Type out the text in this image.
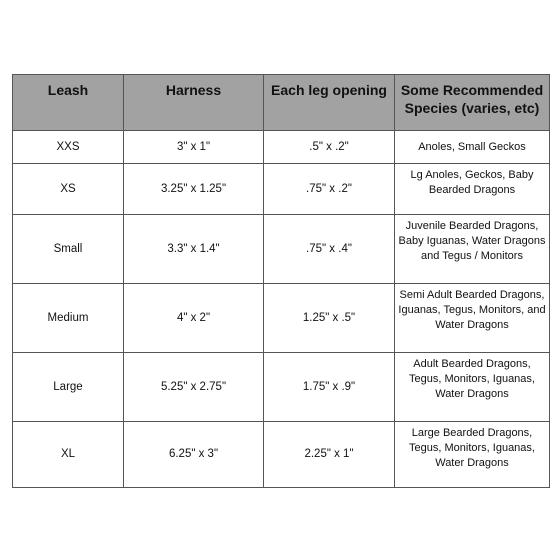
Leash	Harness	Each leg opening	Some Recommended Species (varies, etc)
XXS	3" x 1"	.5" x .2"	Anoles, Small Geckos
XS	3.25" x 1.25"	.75" x .2"	Lg Anoles, Geckos, Baby Bearded Dragons
Small	3.3" x 1.4"	.75" x .4"	Juvenile Bearded Dragons, Baby Iguanas, Water Dragons and Tegus / Monitors
Medium	4" x 2"	1.25" x .5"	Semi Adult Bearded Dragons, Iguanas, Tegus, Monitors, and Water Dragons
Large	5.25" x 2.75"	1.75" x .9"	Adult Bearded Dragons, Tegus, Monitors, Iguanas, Water Dragons
XL	6.25" x 3"	2.25" x 1"	Large Bearded Dragons, Tegus, Monitors, Iguanas, Water Dragons
